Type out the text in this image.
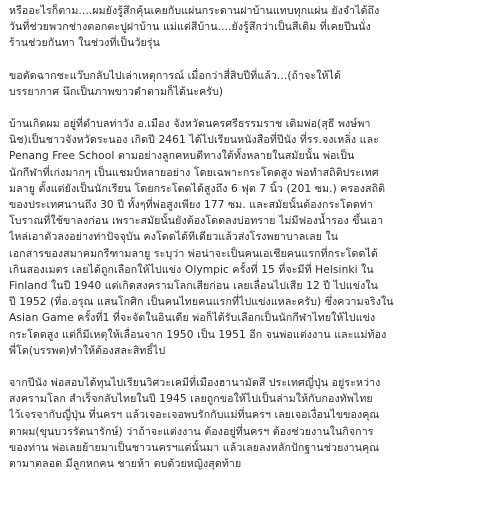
หรืออะไรก็ตาม....ผมยังรู้สึกคุ้นเคยกับแผ่นกระดานฝาบ้านแทบทุกแผ่น ยังจำได้ถึง
วันที่ช่วยพวกช่างตอกตะปูฝาบ้าน แม่แต่สีบ้าน....ยังรู้สึกว่าเป็นสีเดิม ที่เคยปีนนั่ง
ร้านช่วยกันทา ในช่วงที่เป็นวัยรุ่น

ขอตัดฉากชะแว๊บกลับไปเล่าเหตุการณ์ เมื่อกว่าสี่สิบปีที่แล้ว...(ถ้าจะให้ได้
บรรยากาศ นึกเป็นภาพขาวดำตามก็ได้นะครับ)

บ้านเกิดผม อยู่ที่ตำบลท่าวัง อ.เมือง จังหวัดนครศรีธรรมราช เดิมพ่อ(สุธี พงษ์พา
นิช)เป็นชาวจังหวัดระนอง เกิดปี 2461 ได้ไปเรียนหนังสือที่ปีนัง ที่รร.จงเหลิ่ง และ
Penang Free School ตามอย่างลูกคหบดีทางใต้ทั้งหลายในสมัยนั้น พ่อเป็น
นักกีฬาที่เก่งมากๆ เป็นแชมป์หลายอย่าง โดยเฉพาะกระโดดสูง พ่อทำสถิติประเทศ
มลายู ตั้งแต่ยังเป็นนักเรียน โดยกระโดดได้สูงถึง 6 ฟุต 7 นิ้ว (201 ซม.) ครองสถิติ
ของประเทศนานถึง 30 ปี ทั้งๆที่พ่อสูงเพียง 177 ซม. และสมัยนั้นต้องกระโดดท่า
โบราณที่ใช้ขาลงก่อน เพราะสมัยนั้นยังต้องโดดลงบ่อทราย ไม่มีฟองน้ำรอง ขึ้นเอา
ไหล่เอาตัวลงอย่างท่าปัจจุบัน คงโดดได้ทีเดียวแล้วส่งโรงพยาบาลเลย ใน
เอกสารของสมาคมกรีฑามลายู ระบุว่า พ่อน่าจะเป็นคนเอเชียคนแรกที่กระโดดได้
เกินสองเมตร เลยได้ถูกเลือกให้ไปแข่ง Olympic ครั้งที่ 15 ที่จะมีที่ Helsinki ใน
Finland ในปี 1940 แต่เกิดสงครามโลกเสียก่อน เลยเลื่อนไปเสีย 12 ปี ไปแข่งใน
ปี 1952 (ที่อ.อรุณ แสนโกศิก เป็นคนไทยคนแรกที่ไปแข่งแหละครับ) ซึ่งความจริงใน
Asian Game ครั้งที่1 ที่จะจัดในอินเดีย พ่อก็ได้รับเลือกเป็นนักกีฬาไทยให้ไปแข่ง
กระโดดสูง แต่ก็มีเหตุให้เลื่อนจาก 1950 เป็น 1951 อีก จนพ่อแต่งงาน และแม่ท้อง
พี่โต(บรรพต)ทำให้ต้องสละสิทธิ์ไป

จากปีนัง พ่อสอบได้ทุนไปเรียนวิศวะเคมีที่เมืองฮานามัตสึ ประเทศญี่ปุ่น อยู่ระหว่าง
สงครามโลก สำเร็จกลับไทยในปี 1945 เลยถูกขอให้ไปเป็นล่ามให้กับกองทัพไทย
ไว้เจรจากับญี่ปุ่น ที่นครฯ แล้วเจอะเจอพบรักกับแม่ที่นครฯ เลยเจอเงื่อนไขของคุณ
ตาผม(ขุนบวรรัตนารักษ์) ว่าถ้าจะแต่งงาน ต้องอยู่ที่นครฯ ต้องช่วยงานในกิจการ
ของท่าน พ่อเลยย้ายมาเป็นชาวนครฯแต่นั้นมา แล้วเลยลงหลักปักฐานช่วยงานคุณ
ตามาตลอด มีลูกหกคน ชายห้า ตบด้วยหญิงสุดท้าย
